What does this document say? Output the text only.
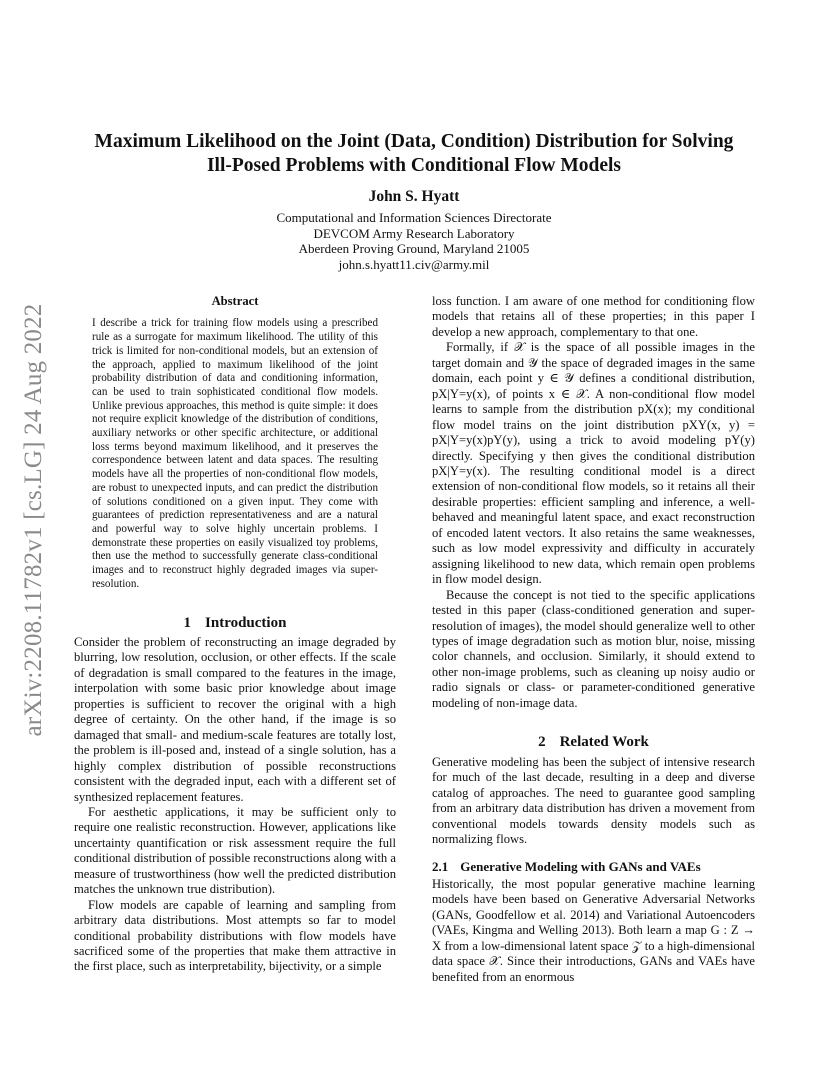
arXiv:2208.11782v1 [cs.LG] 24 Aug 2022
Maximum Likelihood on the Joint (Data, Condition) Distribution for Solving
Ill-Posed Problems with Conditional Flow Models
John S. Hyatt
Computational and Information Sciences Directorate
DEVCOM Army Research Laboratory
Aberdeen Proving Ground, Maryland 21005
john.s.hyatt11.civ@army.mil
Abstract

I describe a trick for training flow models using a prescribed rule as a surrogate for maximum likelihood. The utility of this trick is limited for non-conditional models, but an extension of the approach, applied to maximum likelihood of the joint probability distribution of data and conditioning information, can be used to train sophisticated conditional flow models. Unlike previous approaches, this method is quite simple: it does not require explicit knowledge of the distribution of conditions, auxiliary networks or other specific architecture, or additional loss terms beyond maximum likelihood, and it preserves the correspondence between latent and data spaces. The resulting models have all the properties of non-conditional flow models, are robust to unexpected inputs, and can predict the distribution of solutions conditioned on a given input. They come with guarantees of prediction representativeness and are a natural and powerful way to solve highly uncertain problems. I demonstrate these properties on easily visualized toy problems, then use the method to successfully generate class-conditional images and to reconstruct highly degraded images via super-resolution.

1 Introduction

Consider the problem of reconstructing an image degraded by blurring, low resolution, occlusion, or other effects. If the scale of degradation is small compared to the features in the image, interpolation with some basic prior knowledge about image properties is sufficient to recover the original with a high degree of certainty. On the other hand, if the image is so damaged that small- and medium-scale features are totally lost, the problem is ill-posed and, instead of a single solution, has a highly complex distribution of possible reconstructions consistent with the degraded input, each with a different set of synthesized replacement features.

For aesthetic applications, it may be sufficient only to require one realistic reconstruction. However, applications like uncertainty quantification or risk assessment require the full conditional distribution of possible reconstructions along with a measure of trustworthiness (how well the predicted distribution matches the unknown true distribution).

Flow models are capable of learning and sampling from arbitrary data distributions. Most attempts so far to model conditional probability distributions with flow models have sacrificed some of the properties that make them attractive in the first place, such as interpretability, bijectivity, or a simple

loss function. I am aware of one method for conditioning flow models that retains all of these properties; in this paper I develop a new approach, complementary to that one.

Formally, if 𝒳 is the space of all possible images in the target domain and 𝒴 the space of degraded images in the same domain, each point y ∈ 𝒴 defines a conditional distribution, pX|Y=y(x), of points x ∈ 𝒳. A non-conditional flow model learns to sample from the distribution pX(x); my conditional flow model trains on the joint distribution pXY(x, y) = pX|Y=y(x)pY(y), using a trick to avoid modeling pY(y) directly. Specifying y then gives the conditional distribution pX|Y=y(x). The resulting conditional model is a direct extension of non-conditional flow models, so it retains all their desirable properties: efficient sampling and inference, a well-behaved and meaningful latent space, and exact reconstruction of encoded latent vectors. It also retains the same weaknesses, such as low model expressivity and difficulty in accurately assigning likelihood to new data, which remain open problems in flow model design.

Because the concept is not tied to the specific applications tested in this paper (class-conditioned generation and super-resolution of images), the model should generalize well to other types of image degradation such as motion blur, noise, missing color channels, and occlusion. Similarly, it should extend to other non-image problems, such as cleaning up noisy audio or radio signals or class- or parameter-conditioned generative modeling of non-image data.

2 Related Work

Generative modeling has been the subject of intensive research for much of the last decade, resulting in a deep and diverse catalog of approaches. The need to guarantee good sampling from an arbitrary data distribution has driven a movement from conventional models towards density models such as normalizing flows.

2.1 Generative Modeling with GANs and VAEs

Historically, the most popular generative machine learning models have been based on Generative Adversarial Networks (GANs, Goodfellow et al. 2014) and Variational Autoencoders (VAEs, Kingma and Welling 2013). Both learn a map G : Z → X from a low-dimensional latent space 𝒵 to a high-dimensional data space 𝒳. Since their introductions, GANs and VAEs have benefited from an enormous
